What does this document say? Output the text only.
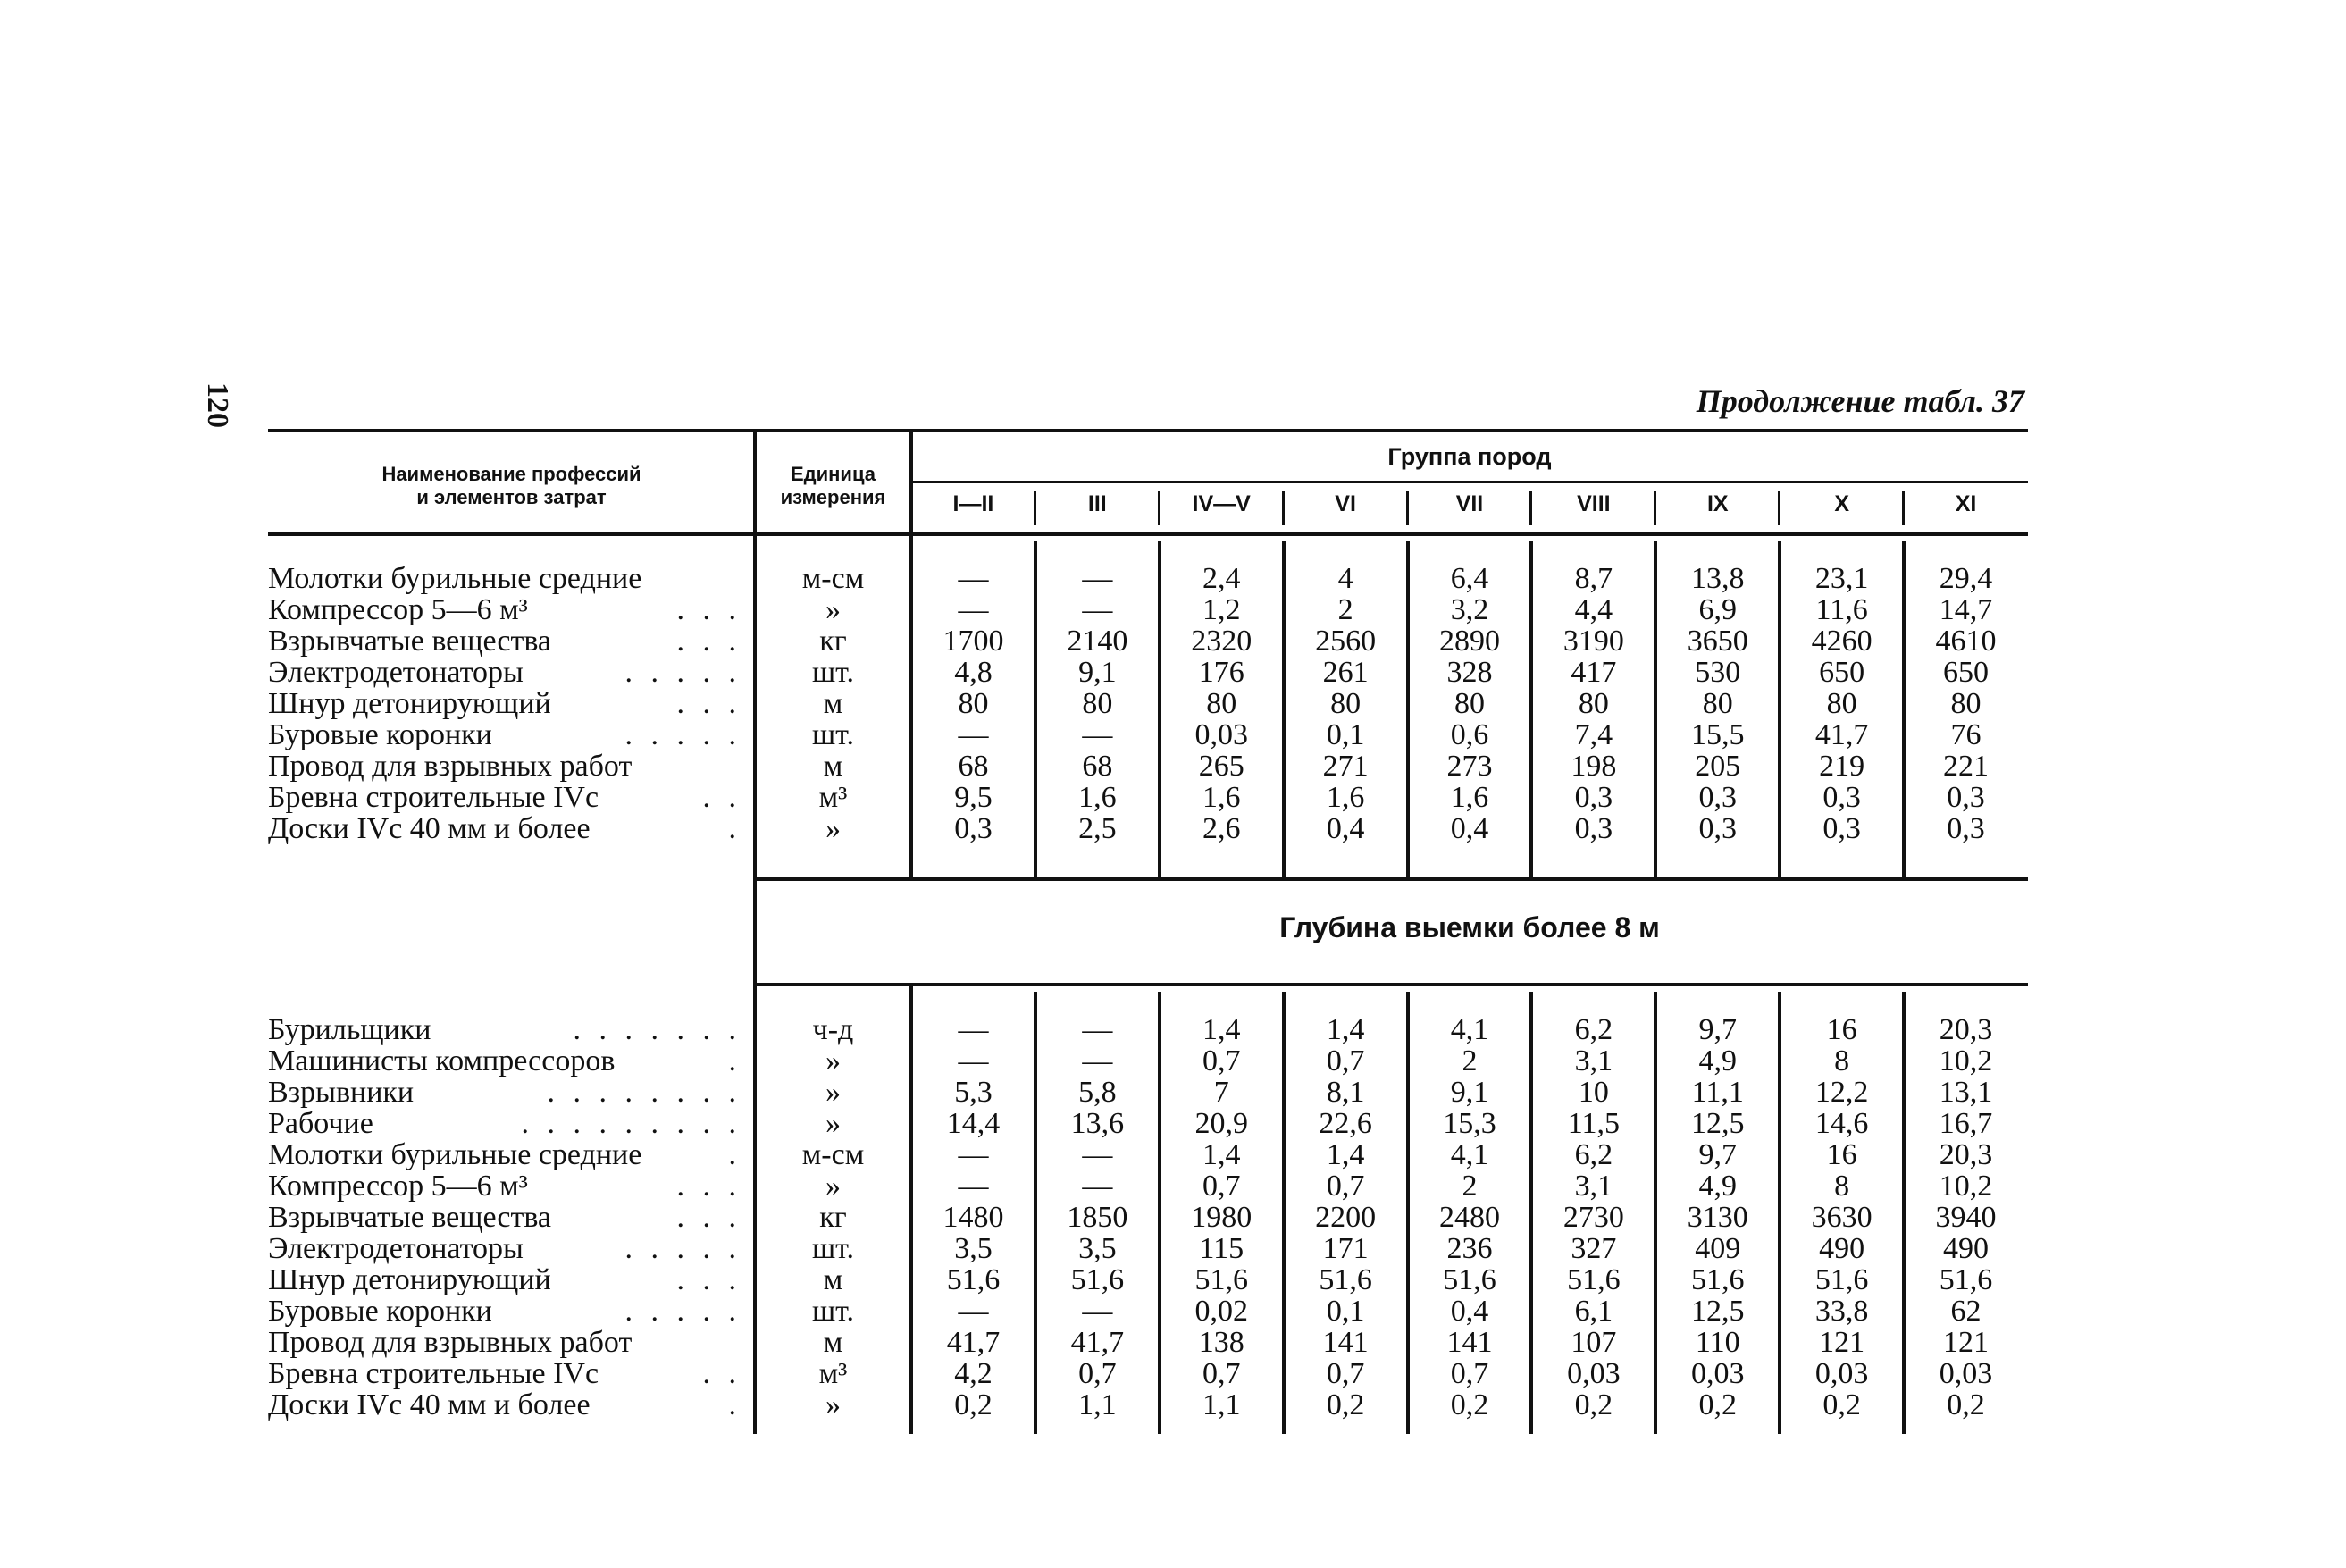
120	Продолжение табл. 37
Наименование профессий
и элементов затрат
Единица
измерения
Группа пород
Глубина выемки более 8 м
I—II	III	IV—V	VI	VII	VIII	IX	X	XI
Молотки бурильные средние	м-см	—	—	2,4	4	6,4	8,7	13,8	23,1	29,4
Компрессор 5—6 м³	. . .	»	—	—	1,2	2	3,2	4,4	6,9	11,6	14,7
Взрывчатые вещества	. . .	кг	1700	2140	2320	2560	2890	3190	3650	4260	4610
Электродетонаторы	. . . . .	шт.	4,8	9,1	176	261	328	417	530	650	650
Шнур детонирующий	. . .	м	80	80	80	80	80	80	80	80	80
Буровые коронки	. . . . .	шт.	—	—	0,03	0,1	0,6	7,4	15,5	41,7	76
Провод для взрывных работ	м	68	68	265	271	273	198	205	219	221
Бревна строительные IVс	. .	м³	9,5	1,6	1,6	1,6	1,6	0,3	0,3	0,3	0,3
Доски IVс 40 мм и более	.	»	0,3	2,5	2,6	0,4	0,4	0,3	0,3	0,3	0,3
Бурильщики	. . . . . . .	ч-д	—	—	1,4	1,4	4,1	6,2	9,7	16	20,3
Машинисты компрессоров	.	»	—	—	0,7	0,7	2	3,1	4,9	8	10,2
Взрывники	. . . . . . . .	»	5,3	5,8	7	8,1	9,1	10	11,1	12,2	13,1
Рабочие	. . . . . . . . .	»	14,4	13,6	20,9	22,6	15,3	11,5	12,5	14,6	16,7
Молотки бурильные средние	.	м-см	—	—	1,4	1,4	4,1	6,2	9,7	16	20,3
Компрессор 5—6 м³	. . .	»	—	—	0,7	0,7	2	3,1	4,9	8	10,2
Взрывчатые вещества	. . .	кг	1480	1850	1980	2200	2480	2730	3130	3630	3940
Электродетонаторы	. . . . .	шт.	3,5	3,5	115	171	236	327	409	490	490
Шнур детонирующий	. . .	м	51,6	51,6	51,6	51,6	51,6	51,6	51,6	51,6	51,6
Буровые коронки	. . . . .	шт.	—	—	0,02	0,1	0,4	6,1	12,5	33,8	62
Провод для взрывных работ	м	41,7	41,7	138	141	141	107	110	121	121
Бревна строительные IVс	. .	м³	4,2	0,7	0,7	0,7	0,7	0,03	0,03	0,03	0,03
Доски IVс 40 мм и более	.	»	0,2	1,1	1,1	0,2	0,2	0,2	0,2	0,2	0,2
